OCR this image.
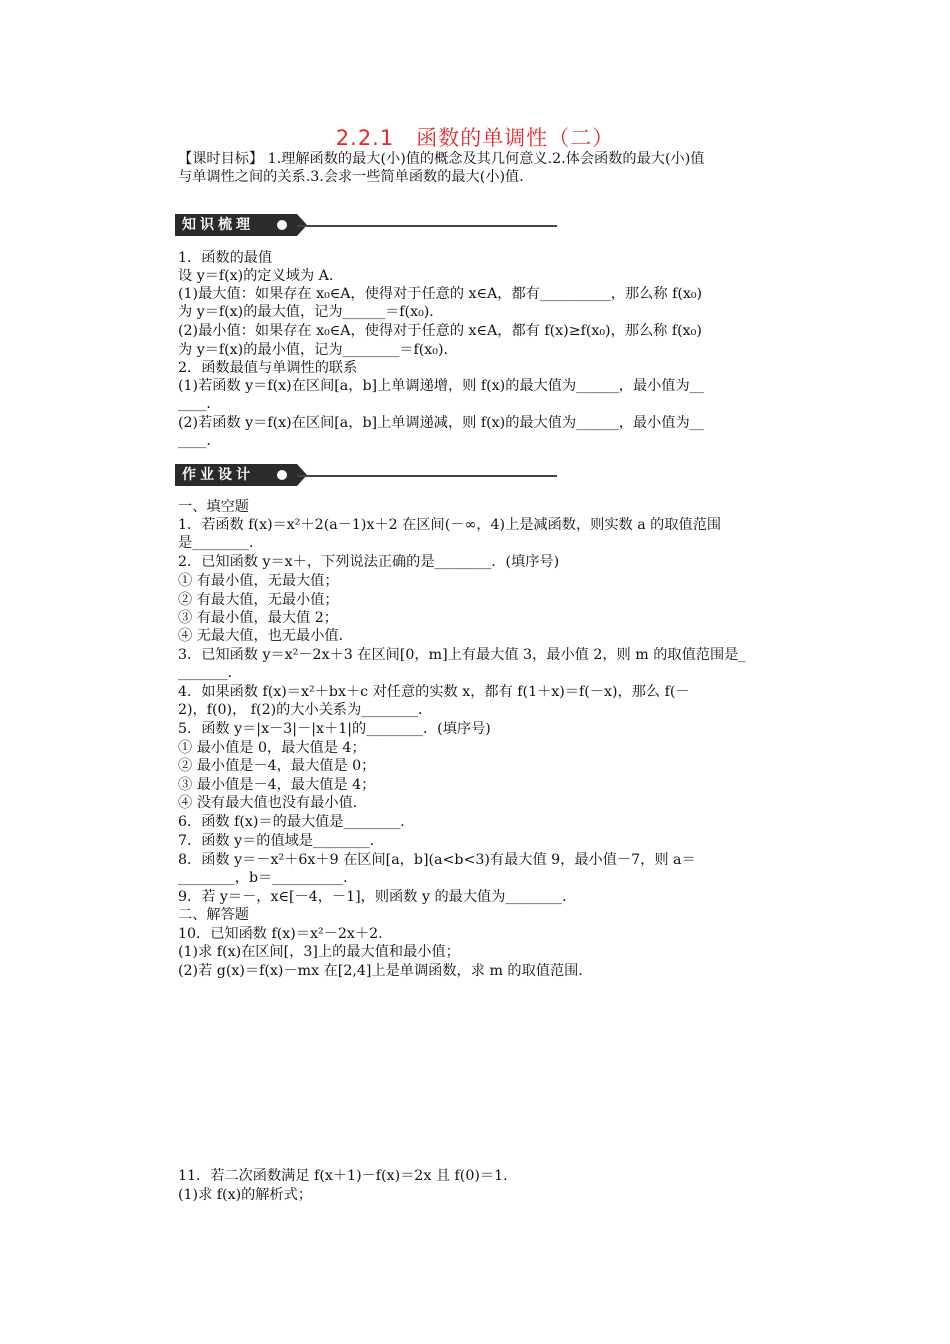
2.2.1　函数的单调性（二）
【课时目标】 1.理解函数的最大(小)值的概念及其几何意义.2.体会函数的最大(小)值
与单调性之间的关系.3.会求一些简单函数的最大(小)值.
知识梳理
1．函数的最值
设 y＝f(x)的定义域为 A.
(1)最大值：如果存在 x₀∈A，使得对于任意的 x∈A，都有__________，那么称 f(x₀)
为 y＝f(x)的最大值，记为______＝f(x₀)．
(2)最小值：如果存在 x₀∈A，使得对于任意的 x∈A，都有 f(x)≥f(x₀)，那么称 f(x₀)
为 y＝f(x)的最小值，记为________＝f(x₀)．
2．函数最值与单调性的联系
(1)若函数 y＝f(x)在区间[a，b]上单调递增，则 f(x)的最大值为______，最小值为__
____．
(2)若函数 y＝f(x)在区间[a，b]上单调递减，则 f(x)的最大值为______，最小值为__
____．
作业设计
一、填空题
1．若函数 f(x)＝x²＋2(a－1)x＋2 在区间(－∞，4)上是减函数，则实数 a 的取值范围
是________．
2．已知函数 y＝x＋，下列说法正确的是________．(填序号)
① 有最小值，无最大值；
② 有最大值，无最小值；
③ 有最小值，最大值 2；
④ 无最大值，也无最小值．
3．已知函数 y＝x²－2x＋3 在区间[0，m]上有最大值 3，最小值 2，则 m 的取值范围是_
_______．
4．如果函数 f(x)＝x²＋bx＋c 对任意的实数 x，都有 f(1＋x)＝f(－x)，那么 f(－
2)，f(0)， f(2)的大小关系为________．
5．函数 y＝|x－3|－|x＋1|的________．(填序号)
① 最小值是 0，最大值是 4；
② 最小值是－4，最大值是 0；
③ 最小值是－4，最大值是 4；
④ 没有最大值也没有最小值．
6．函数 f(x)＝的最大值是________．
7．函数 y＝的值域是________．
8．函数 y＝－x²＋6x＋9 在区间[a，b](a<b<3)有最大值 9，最小值－7，则 a＝
________，b＝__________．
9．若 y＝－，x∈[－4，－1]，则函数 y 的最大值为________．
二、解答题
10．已知函数 f(x)＝x²－2x＋2.
(1)求 f(x)在区间[，3]上的最大值和最小值；
(2)若 g(x)＝f(x)－mx 在[2,4]上是单调函数，求 m 的取值范围．
11．若二次函数满足 f(x＋1)－f(x)＝2x 且 f(0)＝1.
(1)求 f(x)的解析式；
